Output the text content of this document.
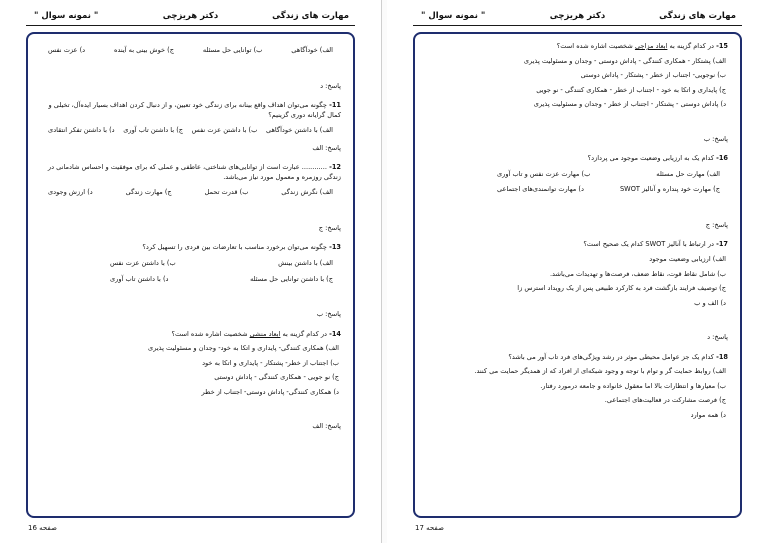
" نمونه سوال "	دکتر هریزچی	مهارت های زندگی
الف) خودآگاهی
ب) توانایی حل مسئله
ج) خوش بینی به آینده
د) عزت نفس
پاسخ: د
11- چگونه می‌توان اهداف واقع بینانه برای زندگی خود تعیین، و از دنبال کردن اهداف بسیار ایده‌آل، تخیلی و کمال گرایانه دوری گزینیم؟
الف) با داشتن خودآگاهی
ب) با داشتن عزت نفس
ج) با داشتن تاب آوری
د) با داشتن تفکر انتقادی
پاسخ: الف
12- ............ عبارت است از توانایی‌های شناختی، عاطفی و عملی که برای موفقیت و احساس شادمانی در زندگی روزمره و معمول مورد نیاز می‌باشد.
الف) نگرش زندگی
ب) قدرت تحمل
ج) مهارت زندگی
د) ارزش وجودی
پاسخ: ج
13- چگونه می‌توان برخورد مناسب با تعارضات بین فردی را تسهیل کرد؟
الف) با داشتن بینش
ب) با داشتن عزت نفس
ج) با داشتن توانایی حل مسئله
د) با داشتن تاب آوری
پاسخ: ب
14- در کدام گزینه به ابعاد منشی شخصیت اشاره شده است؟
الف) همکاری کنندگی- پایداری و اتکا به خود- وجدان و مسئولیت پذیری
ب) اجتناب از خطر- پشتکار - پایداری و اتکا به خود
ج) نو جویی - همکاری کنندگی - پاداش دوستی
د) همکاری کنندگی- پاداش دوستی- اجتناب از خطر
پاسخ: الف
صفحه 16
" نمونه سوال "	دکتر هریزچی	مهارت های زندگی
15- در کدام گزینه به ابعاد مزاجی شخصیت اشاره شده است؟
الف) پشتکار - همکاری کنندگی - پاداش دوستی - وجدان و مسئولیت پذیری
ب) نوجویی- اجتناب از خطر - پشتکار - پاداش دوستی
ج) پایداری و اتکا به خود - اجتناب از خطر - همکاری کنندگی - نو جویی
د) پاداش دوستی - پشتکار - اجتناب از خطر - وجدان و مسئولیت پذیری
پاسخ: ب
16- کدام یک به ارزیابی وضعیت موجود می پردازد؟
الف) مهارت حل مسئله
ب) مهارت عزت نفس و تاب آوری
ج) مهارت خود پنداره و آنالیز SWOT
د) مهارت توانمندی‌های اجتماعی
پاسخ: ج
17- در ارتباط با آنالیز SWOT کدام یک صحیح است؟
الف) ارزیابی وضعیت موجود
ب) شامل نقاط قوت، نقاط ضعف، فرصت‌ها و تهدیدات می‌باشد.
ج) توصیف فرایند بازگشت فرد به کارکرد طبیعی پس از یک رویداد استرس زا
د) الف و ب
پاسخ: د
18- کدام یک جز عوامل محیطی موثر در رشد ویژگی‌های فرد تاب آور می باشد؟
الف) روابط حمایت گر و توام با توجه و وجود شبکه‌ای از افراد که از همدیگر حمایت می کنند.
ب) معیارها و انتظارات بالا اما معقول خانواده و جامعه درمورد رفتار.
ج) فرصت مشارکت در فعالیت‌های اجتماعی.
د) همه موارد
صفحه 17
